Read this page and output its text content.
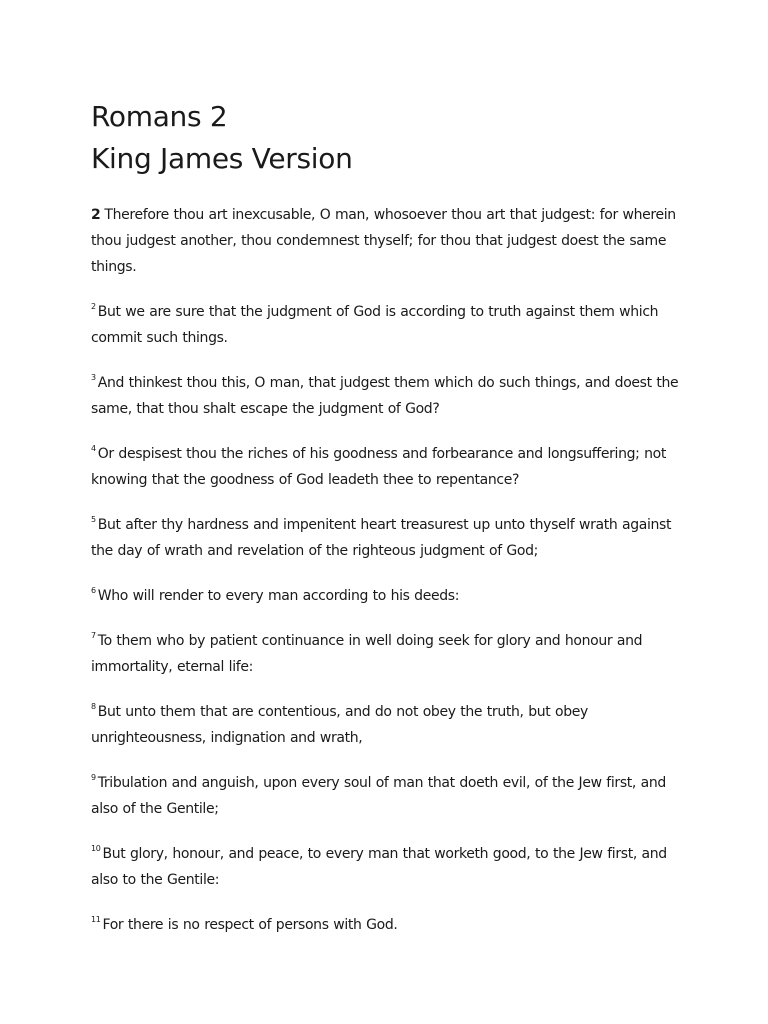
Romans 2
King James Version

2 Therefore thou art inexcusable, O man, whosoever thou art that judgest: for wherein thou judgest another, thou condemnest thyself; for thou that judgest doest the same things.

$^2$ But we are sure that the judgment of God is according to truth against them which commit such things.

$^3$ And thinkest thou this, O man, that judgest them which do such things, and doest the same, that thou shalt escape the judgment of God?

$^4$ Or despisest thou the riches of his goodness and forbearance and longsuffering; not knowing that the goodness of God leadeth thee to repentance?

$^5$ But after thy hardness and impenitent heart treasurest up unto thyself wrath against the day of wrath and revelation of the righteous judgment of God;

$^6$ Who will render to every man according to his deeds:

$^7$ To them who by patient continuance in well doing seek for glory and honour and immortality, eternal life:

$^8$ But unto them that are contentious, and do not obey the truth, but obey unrighteousness, indignation and wrath,

$^9$ Tribulation and anguish, upon every soul of man that doeth evil, of the Jew first, and also of the Gentile;

$^{10}$ But glory, honour, and peace, to every man that worketh good, to the Jew first, and also to the Gentile:

$^{11}$ For there is no respect of persons with God.
